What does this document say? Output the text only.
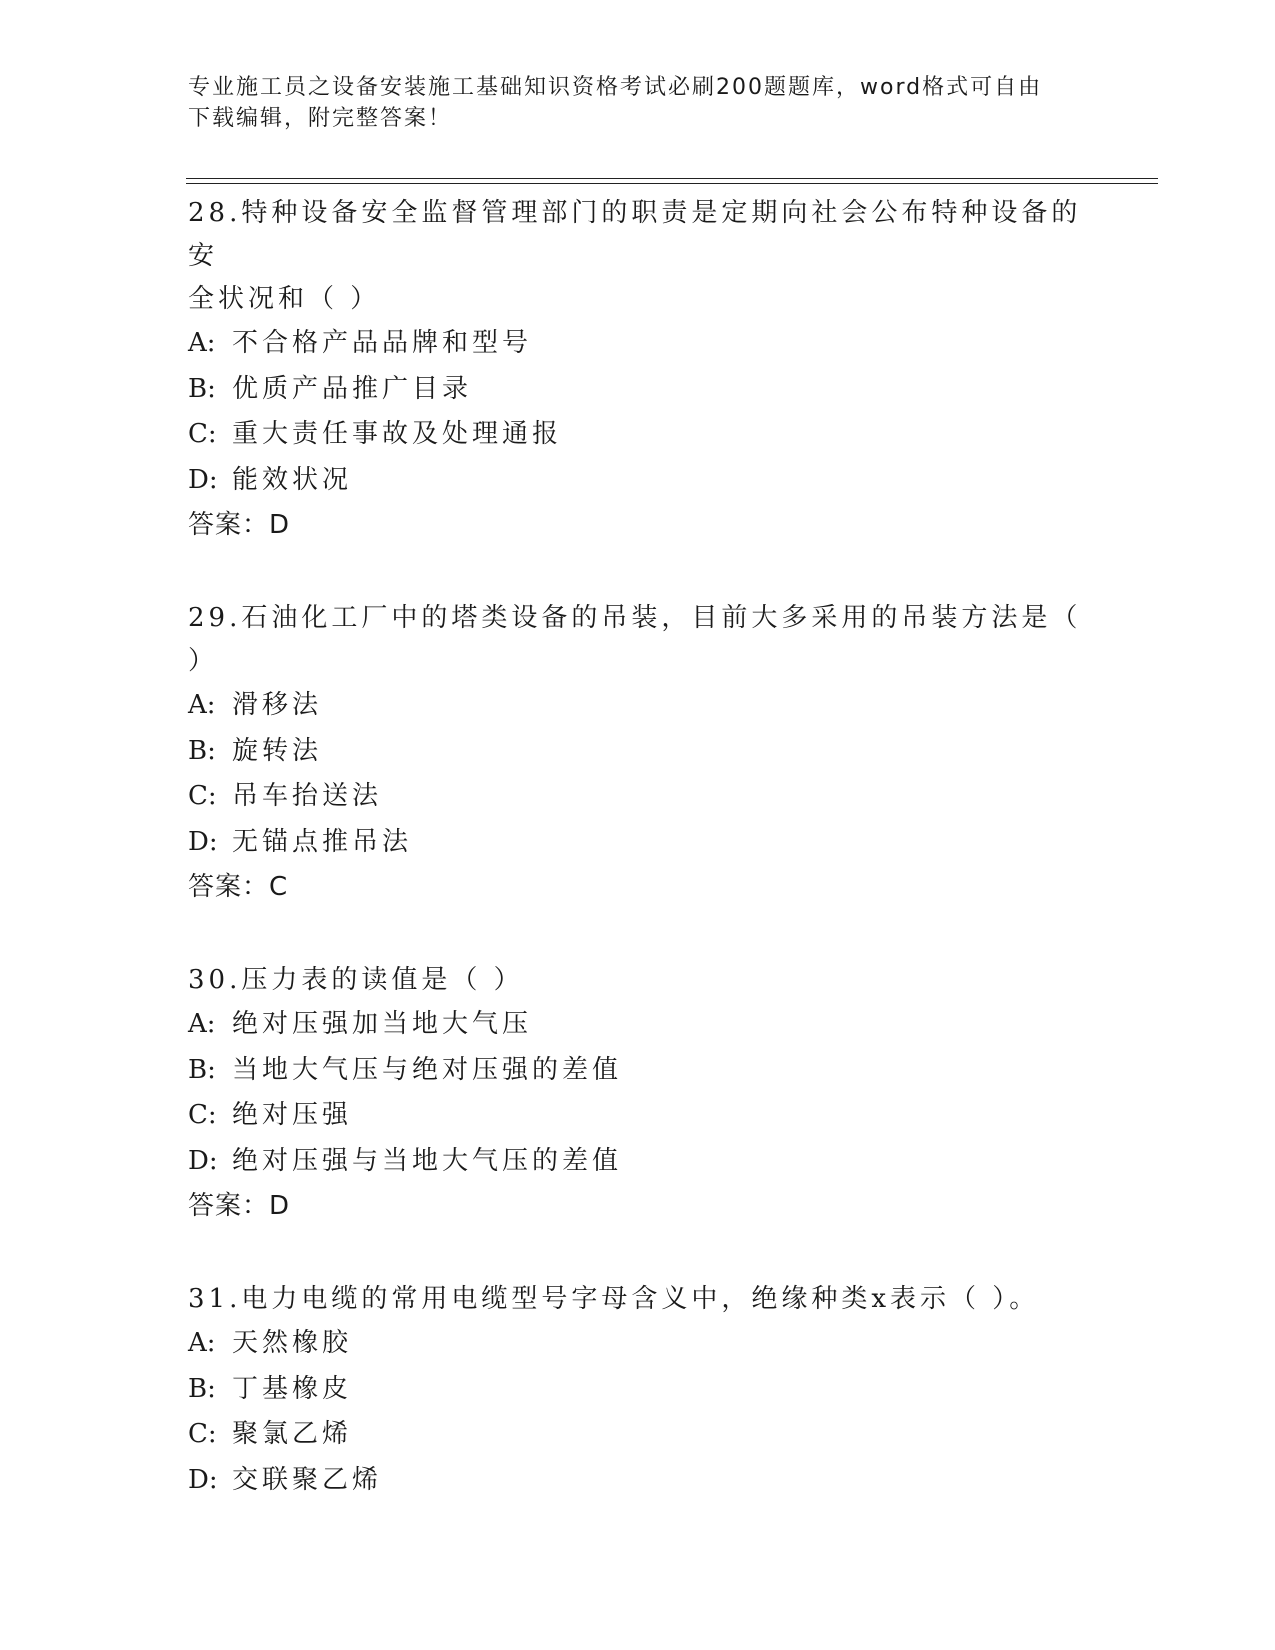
专业施工员之设备安装施工基础知识资格考试必刷200题题库，word格式可自由
下载编辑，附完整答案！
28.特种设备安全监督管理部门的职责是定期向社会公布特种设备的安
全状况和（ ）
A: 不合格产品品牌和型号
B: 优质产品推广目录
C: 重大责任事故及处理通报
D: 能效状况
答案：D
29.石油化工厂中的塔类设备的吊装，目前大多采用的吊装方法是（
）
A: 滑移法
B: 旋转法
C: 吊车抬送法
D: 无锚点推吊法
答案：C
30.压力表的读值是（ ）
A: 绝对压强加当地大气压
B: 当地大气压与绝对压强的差值
C: 绝对压强
D: 绝对压强与当地大气压的差值
答案：D
31.电力电缆的常用电缆型号字母含义中，绝缘种类x表示（ ）。
A: 天然橡胶
B: 丁基橡皮
C: 聚氯乙烯
D: 交联聚乙烯
